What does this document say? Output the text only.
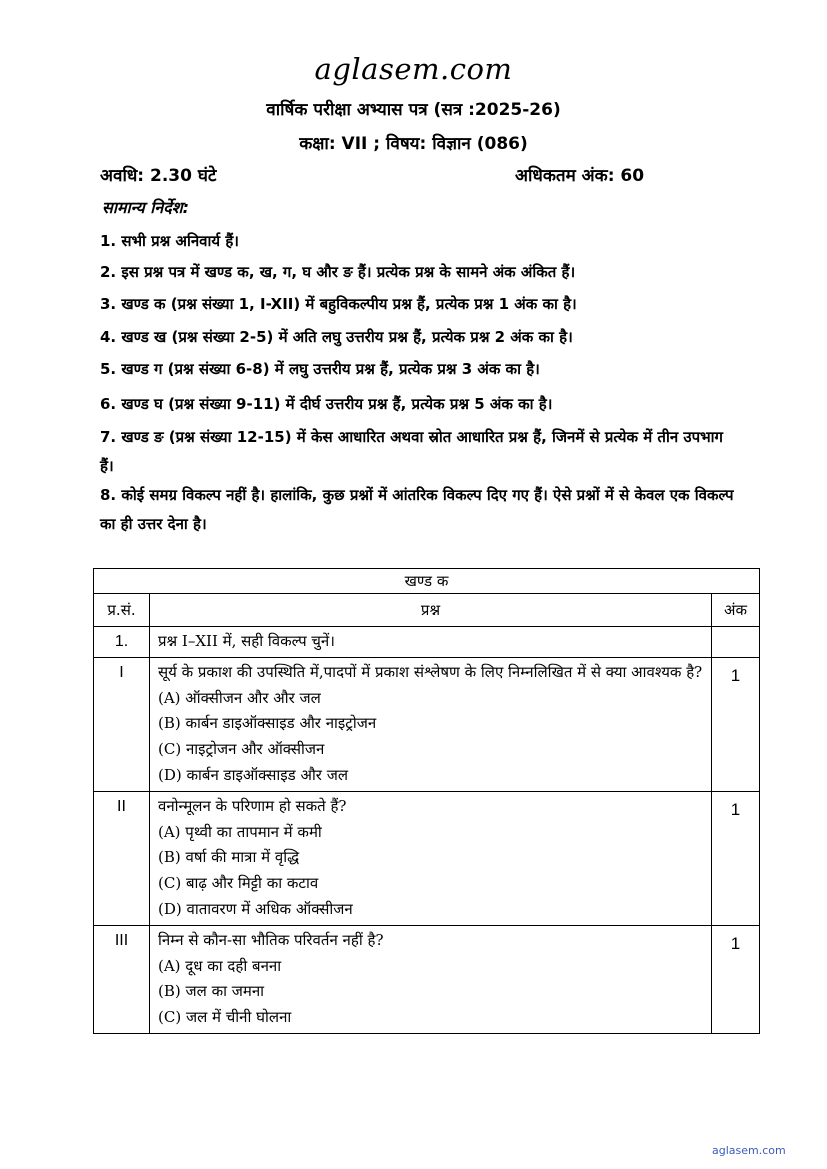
aglasem.com
वार्षिक परीक्षा अभ्यास पत्र (सत्र :2025-26)
कक्षा: VII ; विषय: विज्ञान (086)
अवधि: 2.30 घंटे	अधिकतम अंक: 60
सामान्य निर्देश:
1. सभी प्रश्न अनिवार्य हैं।
2. इस प्रश्न पत्र में खण्ड क, ख, ग, घ और ङ हैं। प्रत्येक प्रश्न के सामने अंक अंकित हैं।
3. खण्ड क (प्रश्न संख्या 1, I-XII) में बहुविकल्पीय प्रश्न हैं, प्रत्येक प्रश्न 1 अंक का है।
4. खण्ड ख (प्रश्न संख्या 2-5) में अति लघु उत्तरीय प्रश्न हैं, प्रत्येक प्रश्न 2 अंक का है।
5. खण्ड ग (प्रश्न संख्या 6-8) में लघु उत्तरीय प्रश्न हैं, प्रत्येक प्रश्न 3 अंक का है।
6. खण्ड घ (प्रश्न संख्या 9-11) में दीर्घ उत्तरीय प्रश्न हैं, प्रत्येक प्रश्न 5 अंक का है।
7. खण्ड ङ (प्रश्न संख्या 12-15) में केस आधारित अथवा स्रोत आधारित प्रश्न हैं, जिनमें से प्रत्येक में तीन उपभाग हैं।
8. कोई समग्र विकल्प नहीं है। हालांकि, कुछ प्रश्नों में आंतरिक विकल्प दिए गए हैं। ऐसे प्रश्नों में से केवल एक विकल्प का ही उत्तर देना है।
खण्ड क		
प्र.सं.	प्रश्न	अंक
1.	प्रश्न I–XII में, सही विकल्प चुनें।	
I	सूर्य के प्रकाश की उपस्थिति में,पादपों में प्रकाश संश्लेषण के लिए निम्नलिखित में से क्या आवश्यक है?
(A) ऑक्सीजन और और जल
(B) कार्बन डाइऑक्साइड और नाइट्रोजन
(C) नाइट्रोजन और ऑक्सीजन
(D) कार्बन डाइऑक्साइड और जल	1
II	वनोन्मूलन के परिणाम हो सकते हैं?
(A) पृथ्वी का तापमान में कमी
(B) वर्षा की मात्रा में वृद्धि
(C) बाढ़ और मिट्टी का कटाव
(D) वातावरण में अधिक ऑक्सीजन	1
III	निम्न से कौन-सा भौतिक परिवर्तन नहीं है?
(A) दूध का दही बनना
(B) जल का जमना
(C) जल में चीनी घोलना	1
aglasem.com
